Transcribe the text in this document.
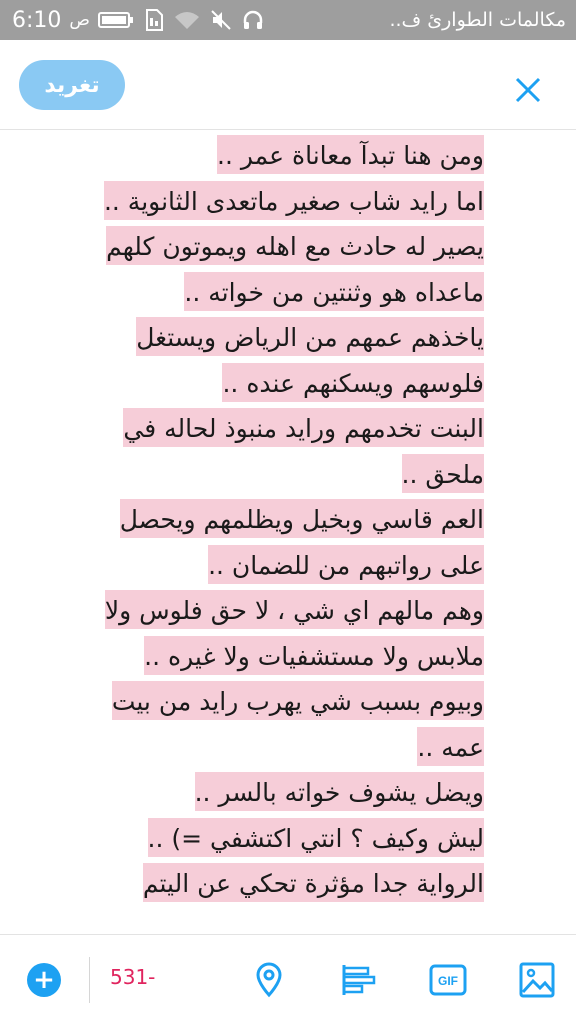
6:10 ص	مكالمات الطوارئ ف..
تغريد
ومن هنا تبدآ معاناة عمر ..
اما رايد شاب صغير ماتعدى الثانوية ..
يصير له حادث مع اهله ويموتون كلهم
ماعداه هو وثنتين من خواته ..
ياخذهم عمهم من الرياض ويستغل
فلوسهم ويسكنهم عنده ..
البنت تخدمهم ورايد منبوذ لحاله في
ملحق ..
العم قاسي وبخيل ويظلمهم ويحصل
على رواتبهم من للضمان ..
وهم مالهم اي شي ، لا حق فلوس ولا
ملابس ولا مستشفيات ولا غيره ..
وبيوم بسبب شي يهرب رايد من بيت
عمه ..
ويضل يشوف خواته بالسر ..
ليش وكيف ؟ انتي اكتشفي =) ..
الرواية جدا مؤثرة تحكي عن اليتم
+	531-	GIF
